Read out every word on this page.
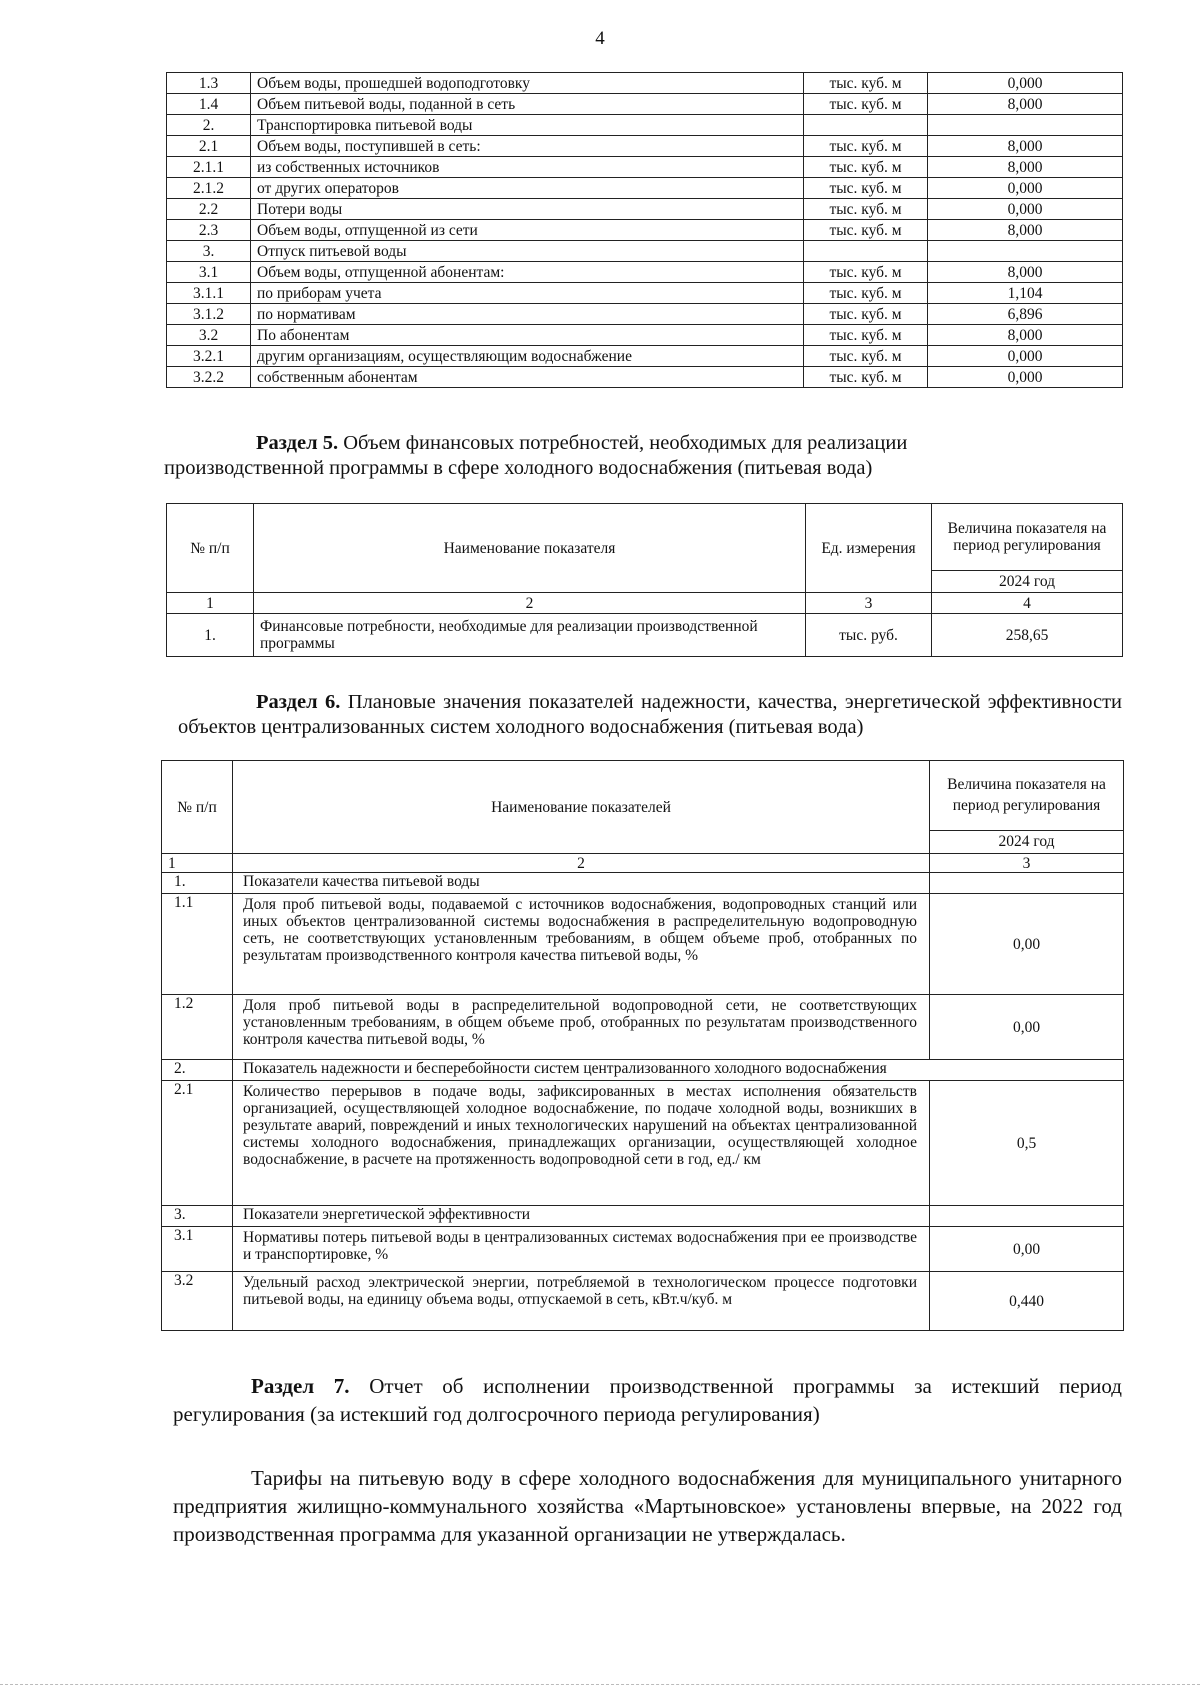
4
1.3	Объем воды, прошедшей водоподготовку	тыс. куб. м	0,000
1.4	Объем питьевой воды, поданной в сеть	тыс. куб. м	8,000
2.	Транспортировка питьевой воды		
2.1	Объем воды, поступившей в сеть:	тыс. куб. м	8,000
2.1.1	из собственных источников	тыс. куб. м	8,000
2.1.2	от других операторов	тыс. куб. м	0,000
2.2	Потери воды	тыс. куб. м	0,000
2.3	Объем воды, отпущенной из сети	тыс. куб. м	8,000
3.	Отпуск питьевой воды		
3.1	Объем воды, отпущенной абонентам:	тыс. куб. м	8,000
3.1.1	по приборам учета	тыс. куб. м	1,104
3.1.2	по нормативам	тыс. куб. м	6,896
3.2	По абонентам	тыс. куб. м	8,000
3.2.1	другим организациям, осуществляющим водоснабжение	тыс. куб. м	0,000
3.2.2	собственным абонентам	тыс. куб. м	0,000
Раздел 5. Объем финансовых потребностей, необходимых для реализации
производственной программы в сфере холодного водоснабжения (питьевая вода)
№ п/п	Наименование показателя	Ед. измерения	Величина показателя на период регулирования
			2024 год
1	2	3	4
1.	Финансовые потребности, необходимые для реализации производственной программы	тыс. руб.	258,65
Раздел 6. Плановые значения показателей надежности, качества, энергетической эффективности объектов централизованных систем холодного водоснабжения (питьевая вода)
№ п/п	Наименование показателей	Величина показателя на период регулирования
		2024 год
1	2	3
1.	Показатели качества питьевой воды	
1.1	Доля проб питьевой воды, подаваемой с источников водоснабжения, водопроводных станций или иных объектов централизованной системы водоснабжения в распределительную водопроводную сеть, не соответствующих установленным требованиям, в общем объеме проб, отобранных по результатам производственного контроля качества питьевой воды, %	0,00
1.2	Доля проб питьевой воды в распределительной водопроводной сети, не соответствующих установленным требованиям, в общем объеме проб, отобранных по результатам производственного контроля качества питьевой воды, %	0,00
2.	Показатель надежности и бесперебойности систем централизованного холодного водоснабжения	
2.1	Количество перерывов в подаче воды, зафиксированных в местах исполнения обязательств организацией, осуществляющей холодное водоснабжение, по подаче холодной воды, возникших в результате аварий, повреждений и иных технологических нарушений на объектах централизованной системы холодного водоснабжения, принадлежащих организации, осуществляющей холодное водоснабжение, в расчете на протяженность водопроводной сети в год, ед./ км	0,5
3.	Показатели энергетической эффективности	
3.1	Нормативы потерь питьевой воды в централизованных системах водоснабжения при ее производстве и транспортировке, %	0,00
3.2	Удельный расход электрической энергии, потребляемой в технологическом процессе подготовки питьевой воды, на единицу объема воды, отпускаемой в сеть, кВт.ч/куб. м	0,440
Раздел 7. Отчет об исполнении производственной программы за истекший период регулирования (за истекший год долгосрочного периода регулирования)
Тарифы на питьевую воду в сфере холодного водоснабжения для муниципального унитарного предприятия жилищно-коммунального хозяйства «Мартыновское» установлены впервые, на 2022 год производственная программа для указанной организации не утверждалась.
